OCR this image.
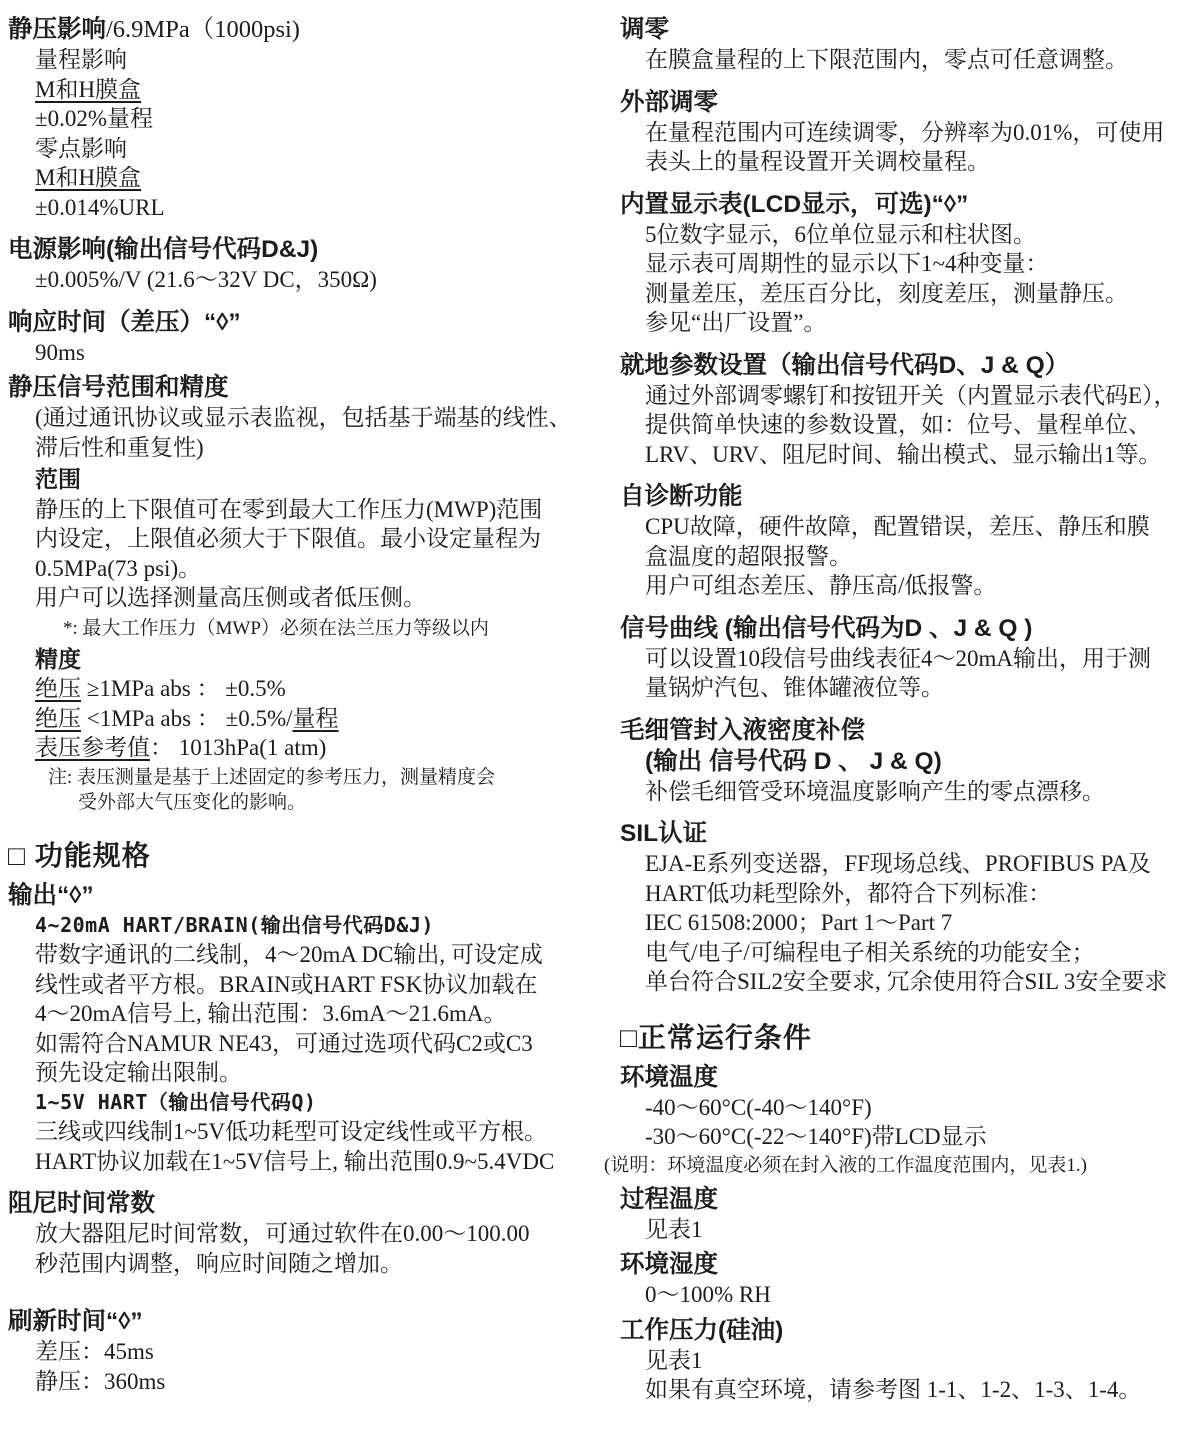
静压影响/6.9MPa（1000psi)
量程影响
M和H膜盒
±0.02%量程
零点影响
M和H膜盒
±0.014%URL
电源影响(输出信号代码D&J)
±0.005%/V (21.6～32V DC，350Ω)
响应时间（差压）“◊”
90ms
静压信号范围和精度
(通过通讯协议或显示表监视，包括基于端基的线性、
滞后性和重复性)
范围
静压的上下限值可在零到最大工作压力(MWP)范围
内设定，上限值必须大于下限值。最小设定量程为
0.5MPa(73 psi)。
用户可以选择测量高压侧或者低压侧。
*: 最大工作压力（MWP）必须在法兰压力等级以内
精度
绝压 ≥1MPa abs ： ±0.5%
绝压 <1MPa abs ： ±0.5%/量程
表压参考值： 1013hPa(1 atm)
注: 表压测量是基于上述固定的参考压力，测量精度会
受外部大气压变化的影响。
□ 功能规格
输出“◊”
4~20mA HART/BRAIN(输出信号代码D&J)
带数字通讯的二线制，4～20mA DC输出, 可设定成
线性或者平方根。BRAIN或HART FSK协议加载在
4～20mA信号上, 输出范围：3.6mA～21.6mA。
如需符合NAMUR NE43，可通过选项代码C2或C3
预先设定输出限制。
1~5V HART（输出信号代码Q)
三线或四线制1~5V低功耗型可设定线性或平方根。
HART协议加载在1~5V信号上, 输出范围0.9~5.4VDC
阻尼时间常数
放大器阻尼时间常数，可通过软件在0.00～100.00
秒范围内调整，响应时间随之增加。
刷新时间“◊”
差压：45ms
静压：360ms
调零
在膜盒量程的上下限范围内，零点可任意调整。
外部调零
在量程范围内可连续调零，分辨率为0.01%，可使用
表头上的量程设置开关调校量程。
内置显示表(LCD显示，可选)“◊”
5位数字显示，6位单位显示和柱状图。
显示表可周期性的显示以下1~4种变量：
测量差压，差压百分比，刻度差压，测量静压。
参见“出厂设置”。
就地参数设置（输出信号代码D、J & Q）
通过外部调零螺钉和按钮开关（内置显示表代码E），
提供简单快速的参数设置，如：位号、量程单位、
LRV、URV、阻尼时间、输出模式、显示输出1等。
自诊断功能
CPU故障，硬件故障，配置错误，差压、静压和膜
盒温度的超限报警。
用户可组态差压、静压高/低报警。
信号曲线 (输出信号代码为D 、J & Q )
可以设置10段信号曲线表征4～20mA输出，用于测
量锅炉汽包、锥体罐液位等。
毛细管封入液密度补偿
(输出 信号代码 D 、 J & Q)
补偿毛细管受环境温度影响产生的零点漂移。
SIL认证
EJA-E系列变送器，FF现场总线、PROFIBUS PA及
HART低功耗型除外，都符合下列标准：
IEC 61508:2000；Part 1～Part 7
电气/电子/可编程电子相关系统的功能安全；
单台符合SIL2安全要求, 冗余使用符合SIL 3安全要求
□正常运行条件
环境温度
-40～60°C(-40～140°F)
-30～60°C(-22～140°F)带LCD显示
(说明：环境温度必须在封入液的工作温度范围内，见表1.)
过程温度
见表1
环境湿度
0～100% RH
工作压力(硅油)
见表1
如果有真空环境，请参考图 1-1、1-2、1-3、1-4。
